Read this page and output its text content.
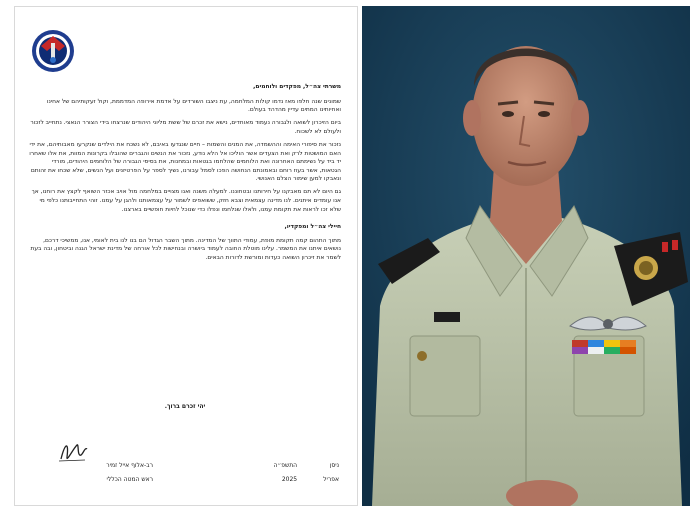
משרתי צה״ל, מפקדים ולוחמים,
שמונים שנה חלפו מאז נדמו קולות המלחמה, עת ניצבו השורדים על אדמת אירופה המדממת, וקול זעקותיהם של אחינו ואחיותינו המתים עדיין מהדהד בעולם.
ביום הזיכרון לשואה ולגבורה נעמוד מאוחדים, נישא את זכרם של ששת מליוני היהודים שנרצחו בידי הצורר הנאצי. נתחייב לזכור ולעולם לא לשכוח.
נזכור את סיפורי האימה וההשמדה, את המנים והשמות – חיים שנגדעו באיבם, לא נשכח את הילדים שנקרעו מאבותיהם, את ידי האם המושטות לרק ואת הצעדים אשר הוליכו אל הלא נודע, נזכור את הנשים והגברים שהובלו בקרונות המוות, את אלו שאחרו יד ביד על נשימתם האחרונה ואת הלוחמים שהלחמו בגטאות ובמחנות, את בסיסי הגבורה של הלוחמים היהודים, מורדי הגטאות, אשר בעוז רוחם ובאמונתם הנחושה הפכו לסמל עבורנו, נשיך לספר על הפרטיזנים ועל הנשים, שלא שכחו את זהותם ונאבקו למען שימור הצלם האנושי.
גם היום לא תם מאבקנו על חירותנו ובטחוננו. למעלה משנה ואנו מצויים במלחמה מול אויב אכזר השואף לקצץ את רוחנו, אך אנו עומדים איתנים. לנו מדינה עצמאית וצבא חזק, ששואפים לשמור על עצמאותנו ולהגן על עמנו. זוהי התחייבותנו כלפי מי שלא זכו לראות את תקומת עמנו, ולאלו שנלחמו ונפלו כדי שנוכל לחיות חופשיים בארצנו.
חיילי צה״ל ומפקדיו,
מתוך התהום קמה תקומת מופת, עמודי התווך של המדינה. מתוך השבר הגדול הם בנו לנו בית לאומי, אנו, ממשיכי דרכם, נושאים איתנו את המשמר. עלינו מוטלת החובה לעמוד ביושרה ובנחישות לכל אורחה של מדינת ישראל הגנה וביטחון, ובה בעת לשמר את זיכרון השואה כעדות ומורשת לדורות הבאים.
יהי זכרם ברוך.
ניסן
התשפ״ה
אפריל
2025
רב-אלוף אייל זמיר
ראש המטה הכללי
